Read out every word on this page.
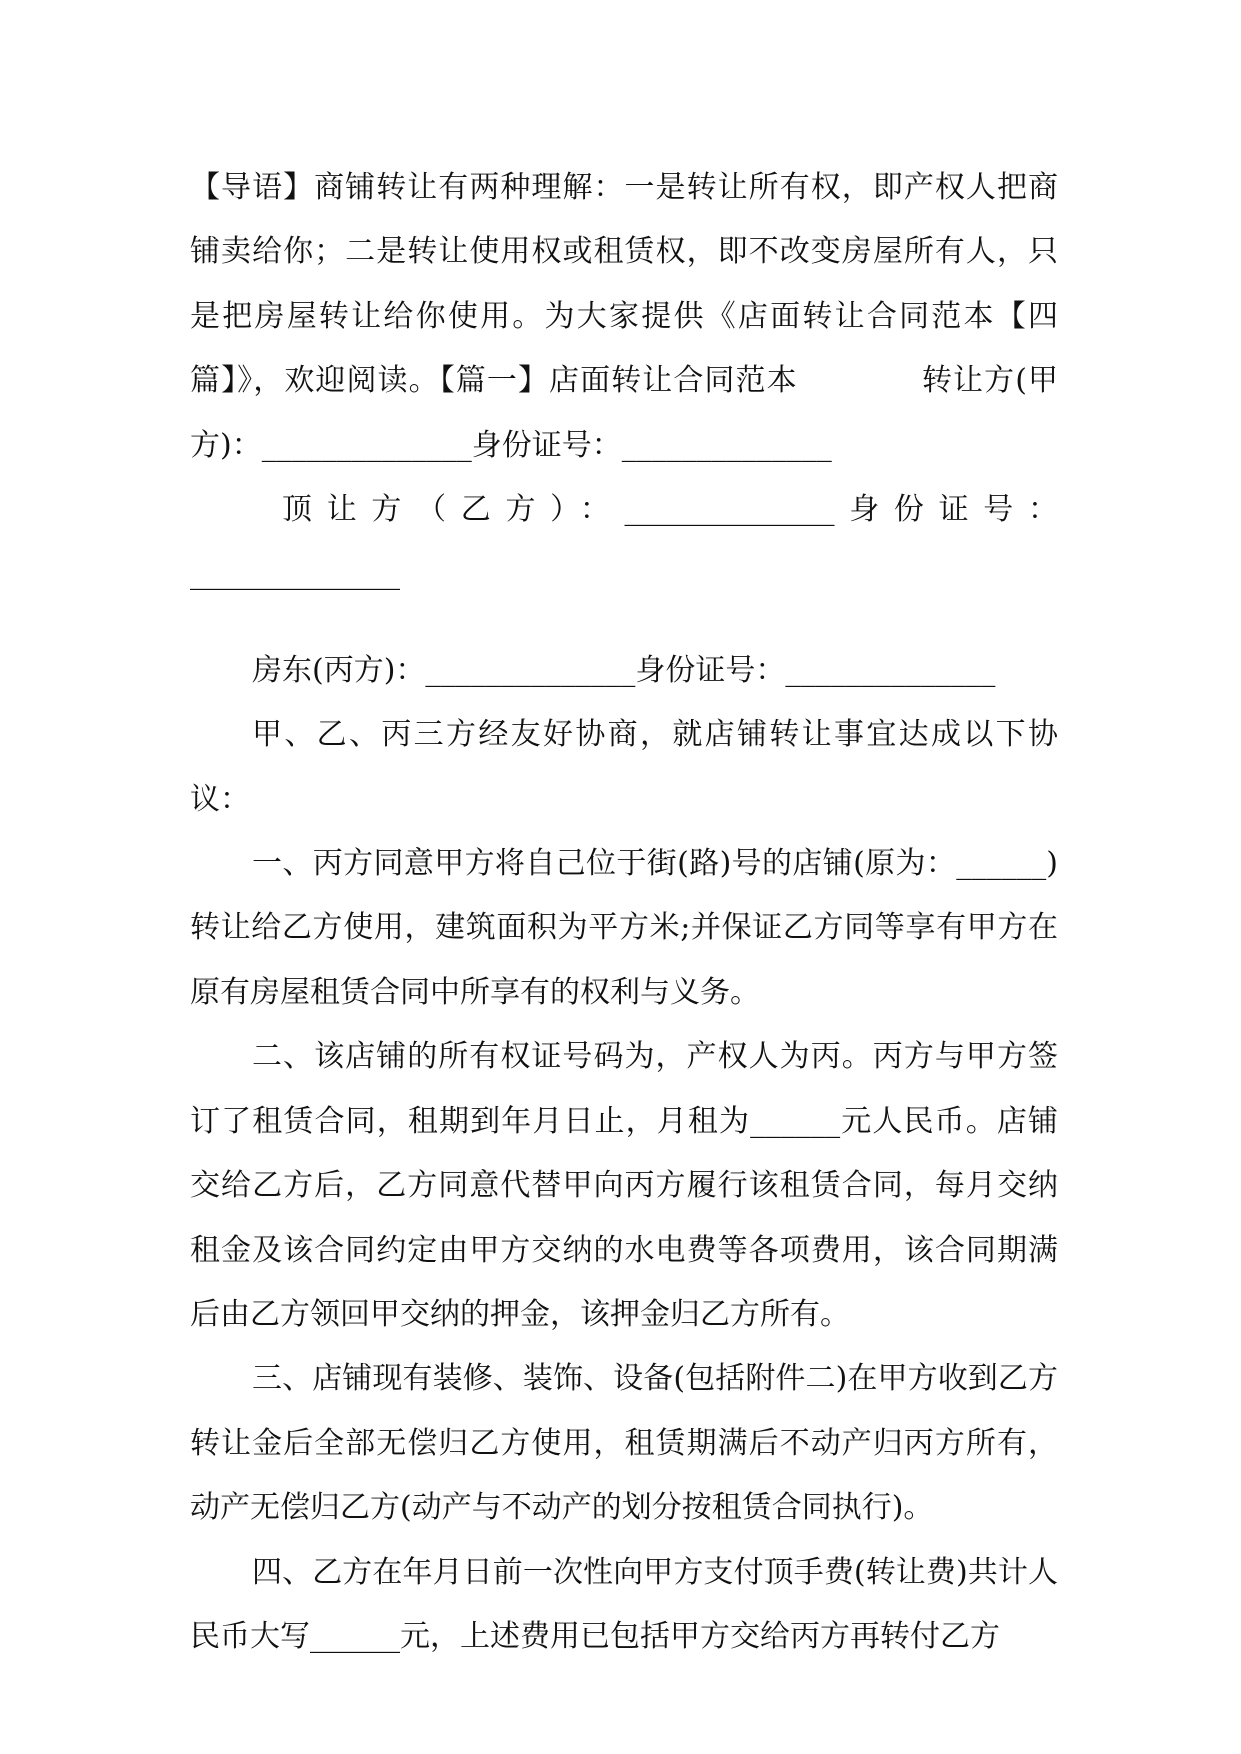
【导语】商铺转让有两种理解：一是转让所有权，即产权人把商铺卖给你；二是转让使用权或租赁权，即不改变房屋所有人，只是把房屋转让给你使用。为大家提供《店面转让合同范本【四篇】》，欢迎阅读。【篇一】店面转让合同范本　　　　转让方(甲方)：______________身份证号：______________

顶让方（乙方）：______________身份证号：

______________

房东(丙方)：______________身份证号：______________

甲、乙、丙三方经友好协商，就店铺转让事宜达成以下协议：

一、丙方同意甲方将自己位于街(路)号的店铺(原为：______)转让给乙方使用，建筑面积为平方米;并保证乙方同等享有甲方在原有房屋租赁合同中所享有的权利与义务。

二、该店铺的所有权证号码为，产权人为丙。丙方与甲方签订了租赁合同，租期到年月日止，月租为______元人民币。店铺交给乙方后，乙方同意代替甲向丙方履行该租赁合同，每月交纳租金及该合同约定由甲方交纳的水电费等各项费用，该合同期满后由乙方领回甲交纳的押金，该押金归乙方所有。

三、店铺现有装修、装饰、设备(包括附件二)在甲方收到乙方转让金后全部无偿归乙方使用，租赁期满后不动产归丙方所有，动产无偿归乙方(动产与不动产的划分按租赁合同执行)。

四、乙方在年月日前一次性向甲方支付顶手费(转让费)共计人民币大写______元，上述费用已包括甲方交给丙方再转付乙方
